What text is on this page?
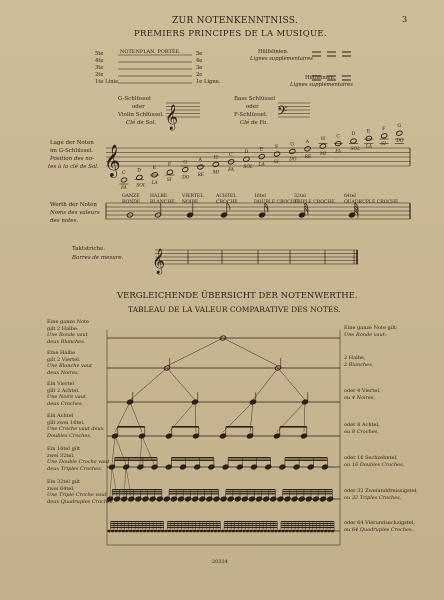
3
ZUR NOTENKENNTNISS.
PREMIERS PRINCIPES DE LA MUSIQUE.
NOTENPLAN. PORTÉE.
5te
4te
3te
2te
1te Linie
5e
4e
3e
2e
1e Ligne.
Hülfslinien.
Lignes supplémentaires
Hülfslinien.
Lignes supplémentaires
G-Schlüssel
oder
Violin Schlüssel.
Clé de Sol.
Bass Schlüssel
oder
F-Schlüssel.
Clé de Fa.
Lage der Noten
im G-Schlüssel.
Position des no-
tes à la clé de Sol.
Werth der Noten
Noms des valeurs
des notes.
Taktstriche.
Barres de mesure.
VERGLEICHENDE ÜBERSICHT DER NOTENWERTHE.
TABLEAU DE LA VALEUR COMPARATIVE DES NOTES.
20334
𝄞	𝄢
𝄞 C
FA
D
SOL
E
LA
F
SI
G
DO
A
RE
H
MI
C
FA
D
SOL
E
LA
F
SI
G
DO
A
RE
H
MI
C
FA
D
SOL
E
LA
F
SI
G
DO
GANZE
RONDE.
HALBE.
BLANCHE.
VIERTEL
NOIRE.
ACHTEL
CROCHE.
16tel
DOUBLE CROCHE.
32tel
TRIPLE CROCHE.
64tel
QUADRUPLE CROCHE.
𝄞
Eine ganze Note
gilt 2 Halbe.
Une Ronde vaut
deux Blanches.
Eine Halbe
gilt 2 Viertel.
Une Blanche vaut
deux Noires.
Ein Viertel
gilt 2 Achtel.
Une Noire vaut
deux Croches.
Ein Achtel
gilt zwei 16tel.
Une Croche vaut deux
Doubles Croches.
Ein 16tel gilt
zwei 32tel.
Une Double Croche vaut
deux Triples Croches.
Ein 32tel gilt
zwei 64tel.
Une Triple Croche vaut
deux Quadruples Croches.
Eine ganze Note gilt:
Une Ronde vaut:
2 Halbe,
2 Blanches,
oder 4 Viertel,
ou 4 Noires,
oder 8 Achtel,
ou 8 Croches,
oder 16 Sechzehntel,
ou 16 Doubles Croches,
oder 32 Zweiunddreissigstel,
ou 32 Triples Croches,
oder 64 Vierundsechzigstel,
ou 64 Quadruples Croches.
